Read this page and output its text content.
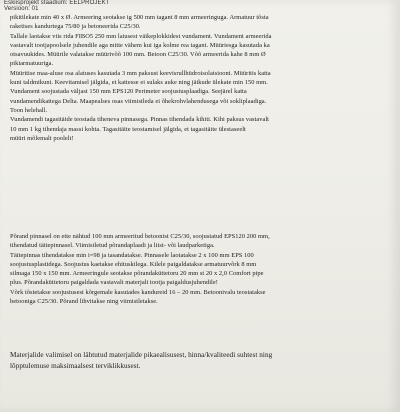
Eskiisprojekt staadium: EELPROJEKT
Versioon: 01
pikitilekate min 40 x Ø. Armeering seotakse ig 500 mm tagant 8 mm armeeringuga. Armatuur tõsta
raketises kandurtega 75/80 ja betoneerida C25/30.
Tallale laotakse viis rida FIBO5 250 mm laiusest väikeplokkidest vundament. Vundament armeerida
vastavalt tootjapoolsele juhendile aga mitte vähem kui iga kolme rea tagant. Müüriesga kasutada ka
otsavuukides. Müürile valatakse müürivõõ 100 mm. Betoon C25/30. Võõ armeerida kahe 8 mm Ø
pikiarmatuuriga.
Müüritise maa-aluse osa alatuses kasutada 3 mm paksust keevisrullhüdroisolatsiooni. Müüritis katta
kuni taldmikuni. Keevitamisel jälgida, et kattesse ei sulaks auke ning jätkude ülekate min 150 mm.
Vundament soojustada väljast 150 mm EPS120 Perimeter soojustusplaadiga. Seejärel katta
vundamendikattega Delta. Maapealses osas viimistleda ei õhekrohvlahendusega või sokliplaadiga.
Toon helehall.
Vundamendi tagasitäide teostada tiheneva pinnasega. Pinnas tihendada kihiti. Kihi paksus vastavalt
10 mm 1 kg tihendaja massi kohta. Tagasitäite teostamisel jälgida, et tagasitäite ülestaseelt
müüri mõlemalt poolelt!
Põrand pinnasel on ette nähtud 100 mm armeeritud betoonist C25/30, soojustatud EPS120 200 mm,
tihendatud täitepinnasel. Viimistletud põrandaplaadi ja liist- või laudparketiga.
Täitepinnas tihendatakse min i=98 ja tasandatakse. Pinnasele laotatakse 2 x 100 mm EPS 100
soojustusplastidega. Soojustus kaetakse ehituskilega. Kilele paigaldatakse armatuurvõrk 8 mm
silmaga 150 x 150 mm. Armeeringule seotakse põrandaküttetoru 20 mm st 20 x 2,0 Comfort pipe
plus. Põrandaküttetoru paigaldada vastavalt materjali tootja paigaldusjuhendile!
Võrk tõstetakse soojustusest kõrgemale kasutades kandureid 16 – 20 mm. Betoonivalu teostatakse
betooniga C25/30. Põrand lihvitakse ning viimistletakse.
Materjalide valimisel on lähtutud materjalide pikaealisusest, hinna/kvaliteedi suhtest ning
lõpptulemuse maksimaalsest terviklikkusest.
